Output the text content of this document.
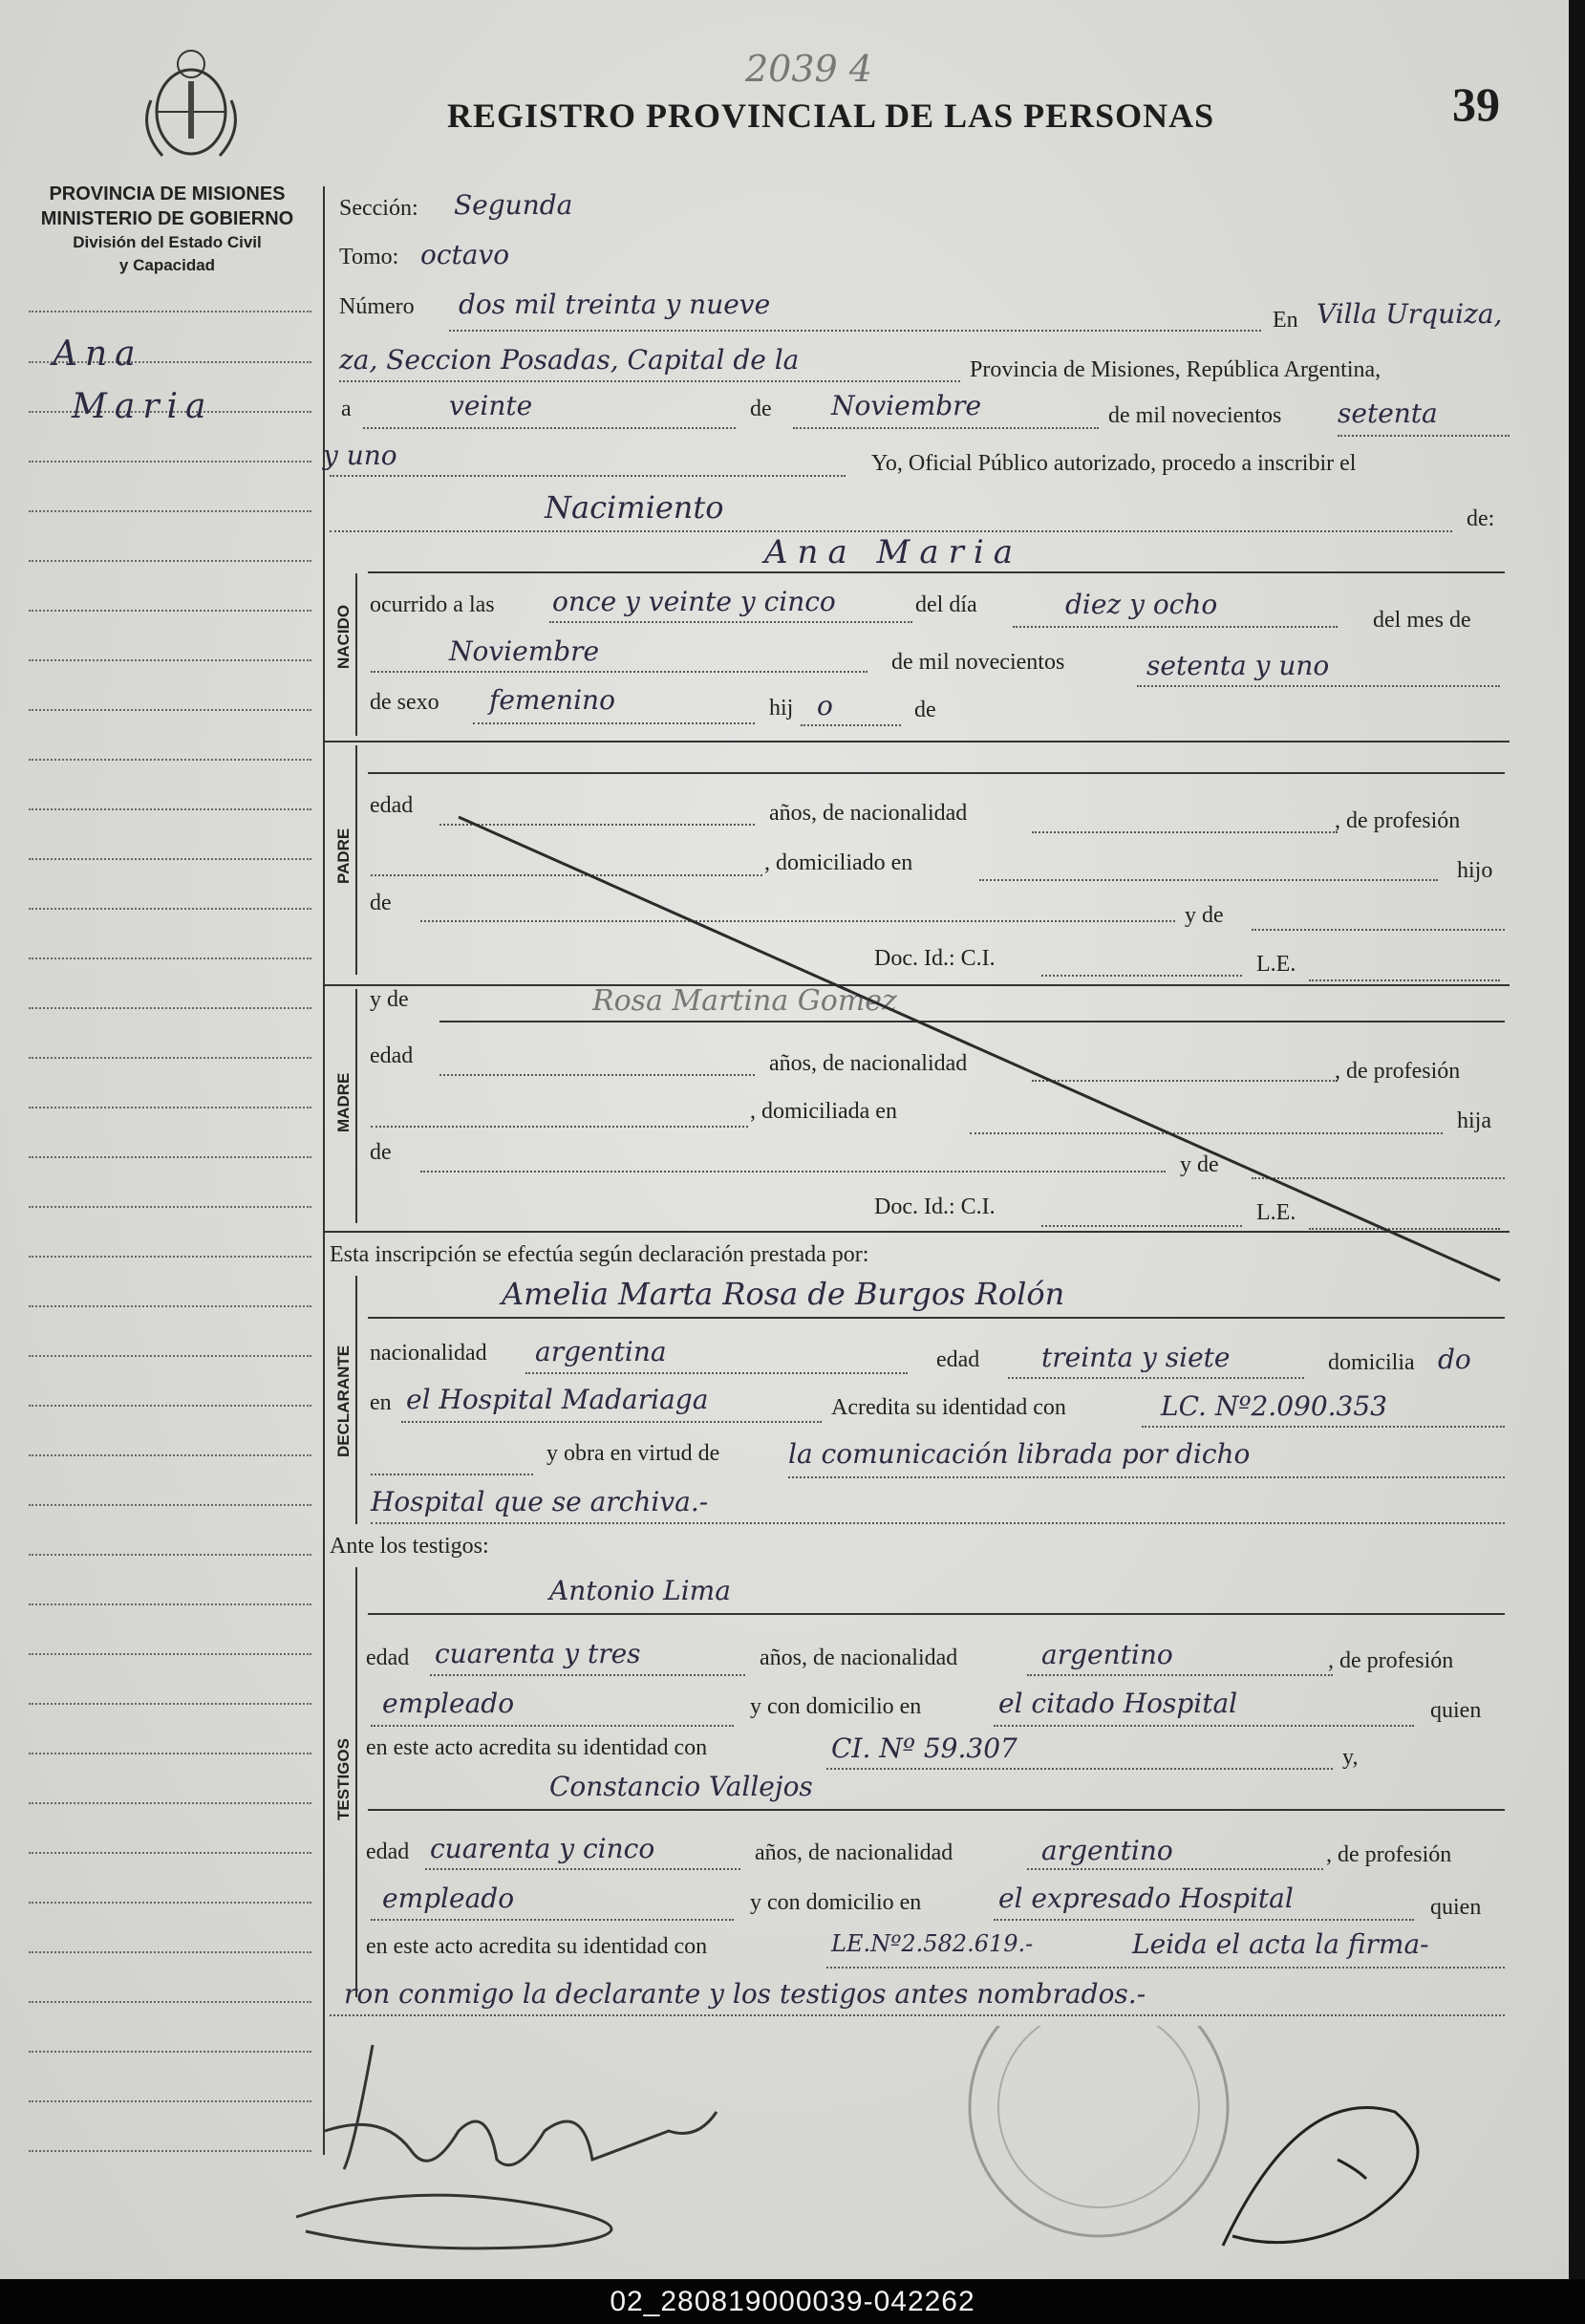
2039 4
REGISTRO PROVINCIAL DE LAS PERSONAS	39
PROVINCIA DE MISIONES
MINISTERIO DE GOBIERNO
División del Estado Civil
y Capacidad
Ana
Maria
Sección: Segunda
Tomo: octavo
Número dos mil treinta y nueve	En Villa Urquiza,
za, Seccion Posadas, Capital de la	Provincia de Misiones, República Argentina,
a	veinte	de Noviembre	de mil novecientos setenta
y uno	Yo, Oficial Público autorizado, procedo a inscribir el
Nacimiento	de:
Ana Maria
NACIDO ocurrido a las once y veinte y cinco	del día	diez y ocho	del mes de
Noviembre	de mil novecientos	setenta y uno
de sexo femenino	hij o	de
PADRE
edad	años, de nacionalidad	, de profesión
, domiciliado en	hijo
de	y de
Doc. Id.: C.I.	L.E.
MADRE
y de	Rosa Martina Gomez
edad	años, de nacionalidad	, de profesión
, domiciliada en	hija
de	y de
Doc. Id.: C.I.	L.E.
Esta inscripción se efectúa según declaración prestada por:
DECLARANTE
Amelia Marta Rosa de Burgos Rolón
nacionalidad argentina	edad treinta y siete	domicilia do
en el Hospital Madariaga	Acredita su identidad con	LC. Nº2.090.353
y obra en virtud de	la comunicación librada por dicho
Hospital que se archiva.-
Ante los testigos:
TESTIGOS
Antonio Lima
edad cuarenta y tres	años, de nacionalidad	argentino	, de profesión
empleado	y con domicilio en	el citado Hospital	quien
en este acto acredita su identidad con	CI. Nº 59.307	y,
Constancio Vallejos
edad cuarenta y cinco	años, de nacionalidad	argentino	, de profesión
empleado	y con domicilio en	el expresado Hospital	quien
en este acto acredita su identidad con	LE.Nº2.582.619.-	Leida el acta la firma-
ron conmigo la declarante y los testigos antes nombrados.-
02_280819000039-042262
